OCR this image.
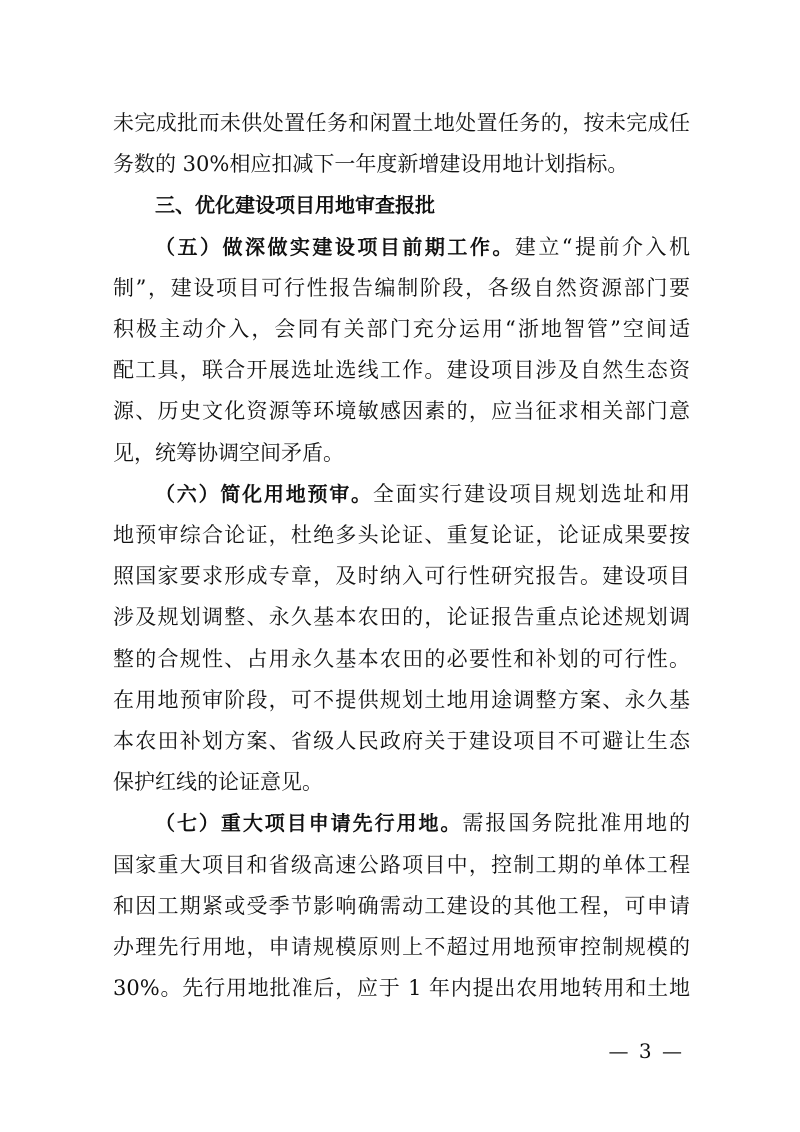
未完成批而未供处置任务和闲置土地处置任务的，按未完成任
务数的 30%相应扣减下一年度新增建设用地计划指标。
三、优化建设项目用地审查报批
（五）做深做实建设项目前期工作。建立“提前介入机
制”，建设项目可行性报告编制阶段，各级自然资源部门要
积极主动介入，会同有关部门充分运用“浙地智管”空间适
配工具，联合开展选址选线工作。建设项目涉及自然生态资
源、历史文化资源等环境敏感因素的，应当征求相关部门意
见，统筹协调空间矛盾。
（六）简化用地预审。全面实行建设项目规划选址和用
地预审综合论证，杜绝多头论证、重复论证，论证成果要按
照国家要求形成专章，及时纳入可行性研究报告。建设项目
涉及规划调整、永久基本农田的，论证报告重点论述规划调
整的合规性、占用永久基本农田的必要性和补划的可行性。
在用地预审阶段，可不提供规划土地用途调整方案、永久基
本农田补划方案、省级人民政府关于建设项目不可避让生态
保护红线的论证意见。
（七）重大项目申请先行用地。需报国务院批准用地的
国家重大项目和省级高速公路项目中，控制工期的单体工程
和因工期紧或受季节影响确需动工建设的其他工程，可申请
办理先行用地，申请规模原则上不超过用地预审控制规模的
30%。先行用地批准后，应于 1 年内提出农用地转用和土地
— 3 —
